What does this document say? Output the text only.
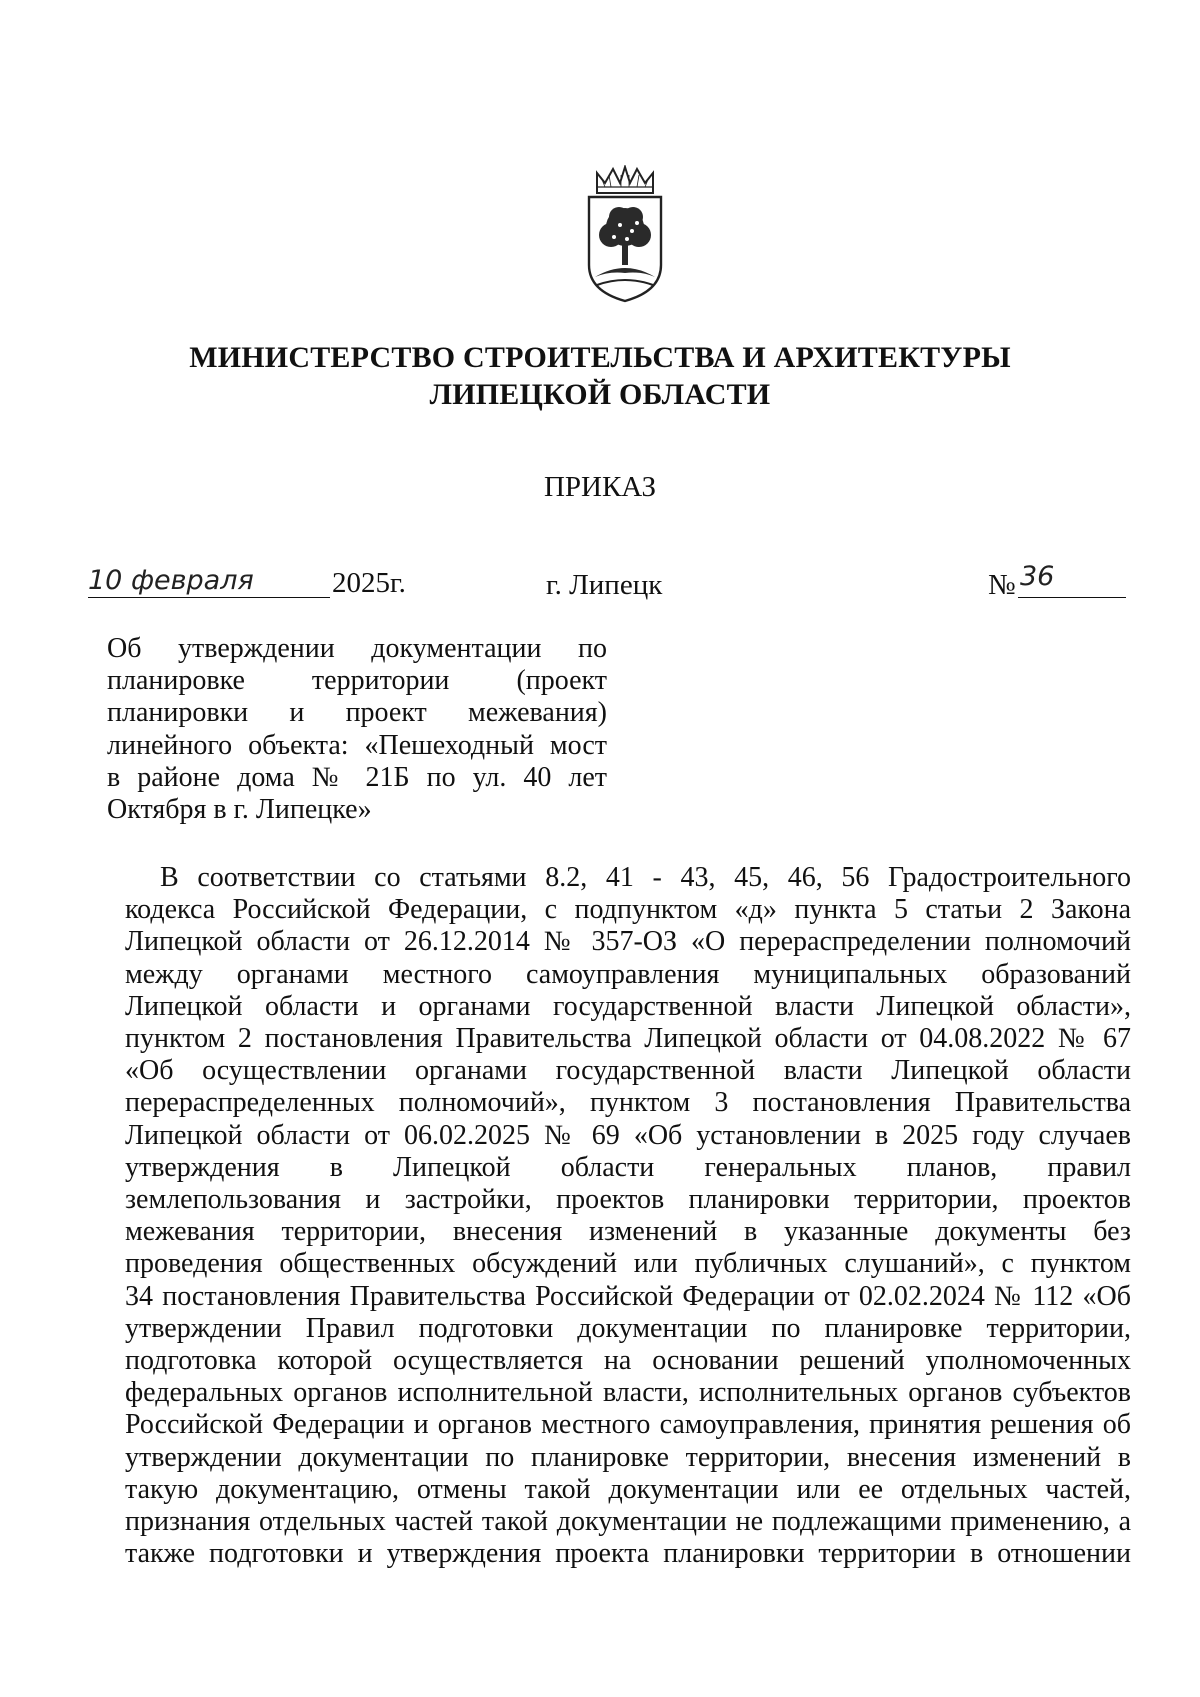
МИНИСТЕРСТВО СТРОИТЕЛЬСТВА И АРХИТЕКТУРЫ
ЛИПЕЦКОЙ ОБЛАСТИ
ПРИКАЗ
10 февраля	2025г.	г. Липецк	№ 36
Об утверждении документации по
планировке территории (проект
планировки и проект межевания)
линейного объекта: «Пешеходный мост
в районе дома № 21Б по ул. 40 лет
Октября в г. Липецке»
В соответствии со статьями 8.2, 41 - 43, 45, 46, 56 Градостроительного
кодекса Российской Федерации, с подпунктом «д» пункта 5 статьи 2 Закона
Липецкой области от 26.12.2014 № 357-ОЗ «О перераспределении полномочий
между органами местного самоуправления муниципальных образований
Липецкой области и органами государственной власти Липецкой области»,
пунктом 2 постановления Правительства Липецкой области от 04.08.2022 № 67
«Об осуществлении органами государственной власти Липецкой области
перераспределенных полномочий», пунктом 3 постановления Правительства
Липецкой области от 06.02.2025 № 69 «Об установлении в 2025 году случаев
утверждения в Липецкой области генеральных планов, правил
землепользования и застройки, проектов планировки территории, проектов
межевания территории, внесения изменений в указанные документы без
проведения общественных обсуждений или публичных слушаний», с пунктом
34 постановления Правительства Российской Федерации от 02.02.2024 № 112 «Об
утверждении Правил подготовки документации по планировке территории,
подготовка которой осуществляется на основании решений уполномоченных
федеральных органов исполнительной власти, исполнительных органов субъектов
Российской Федерации и органов местного самоуправления, принятия решения об
утверждении документации по планировке территории, внесения изменений в
такую документацию, отмены такой документации или ее отдельных частей,
признания отдельных частей такой документации не подлежащими применению, а
также подготовки и утверждения проекта планировки территории в отношении
